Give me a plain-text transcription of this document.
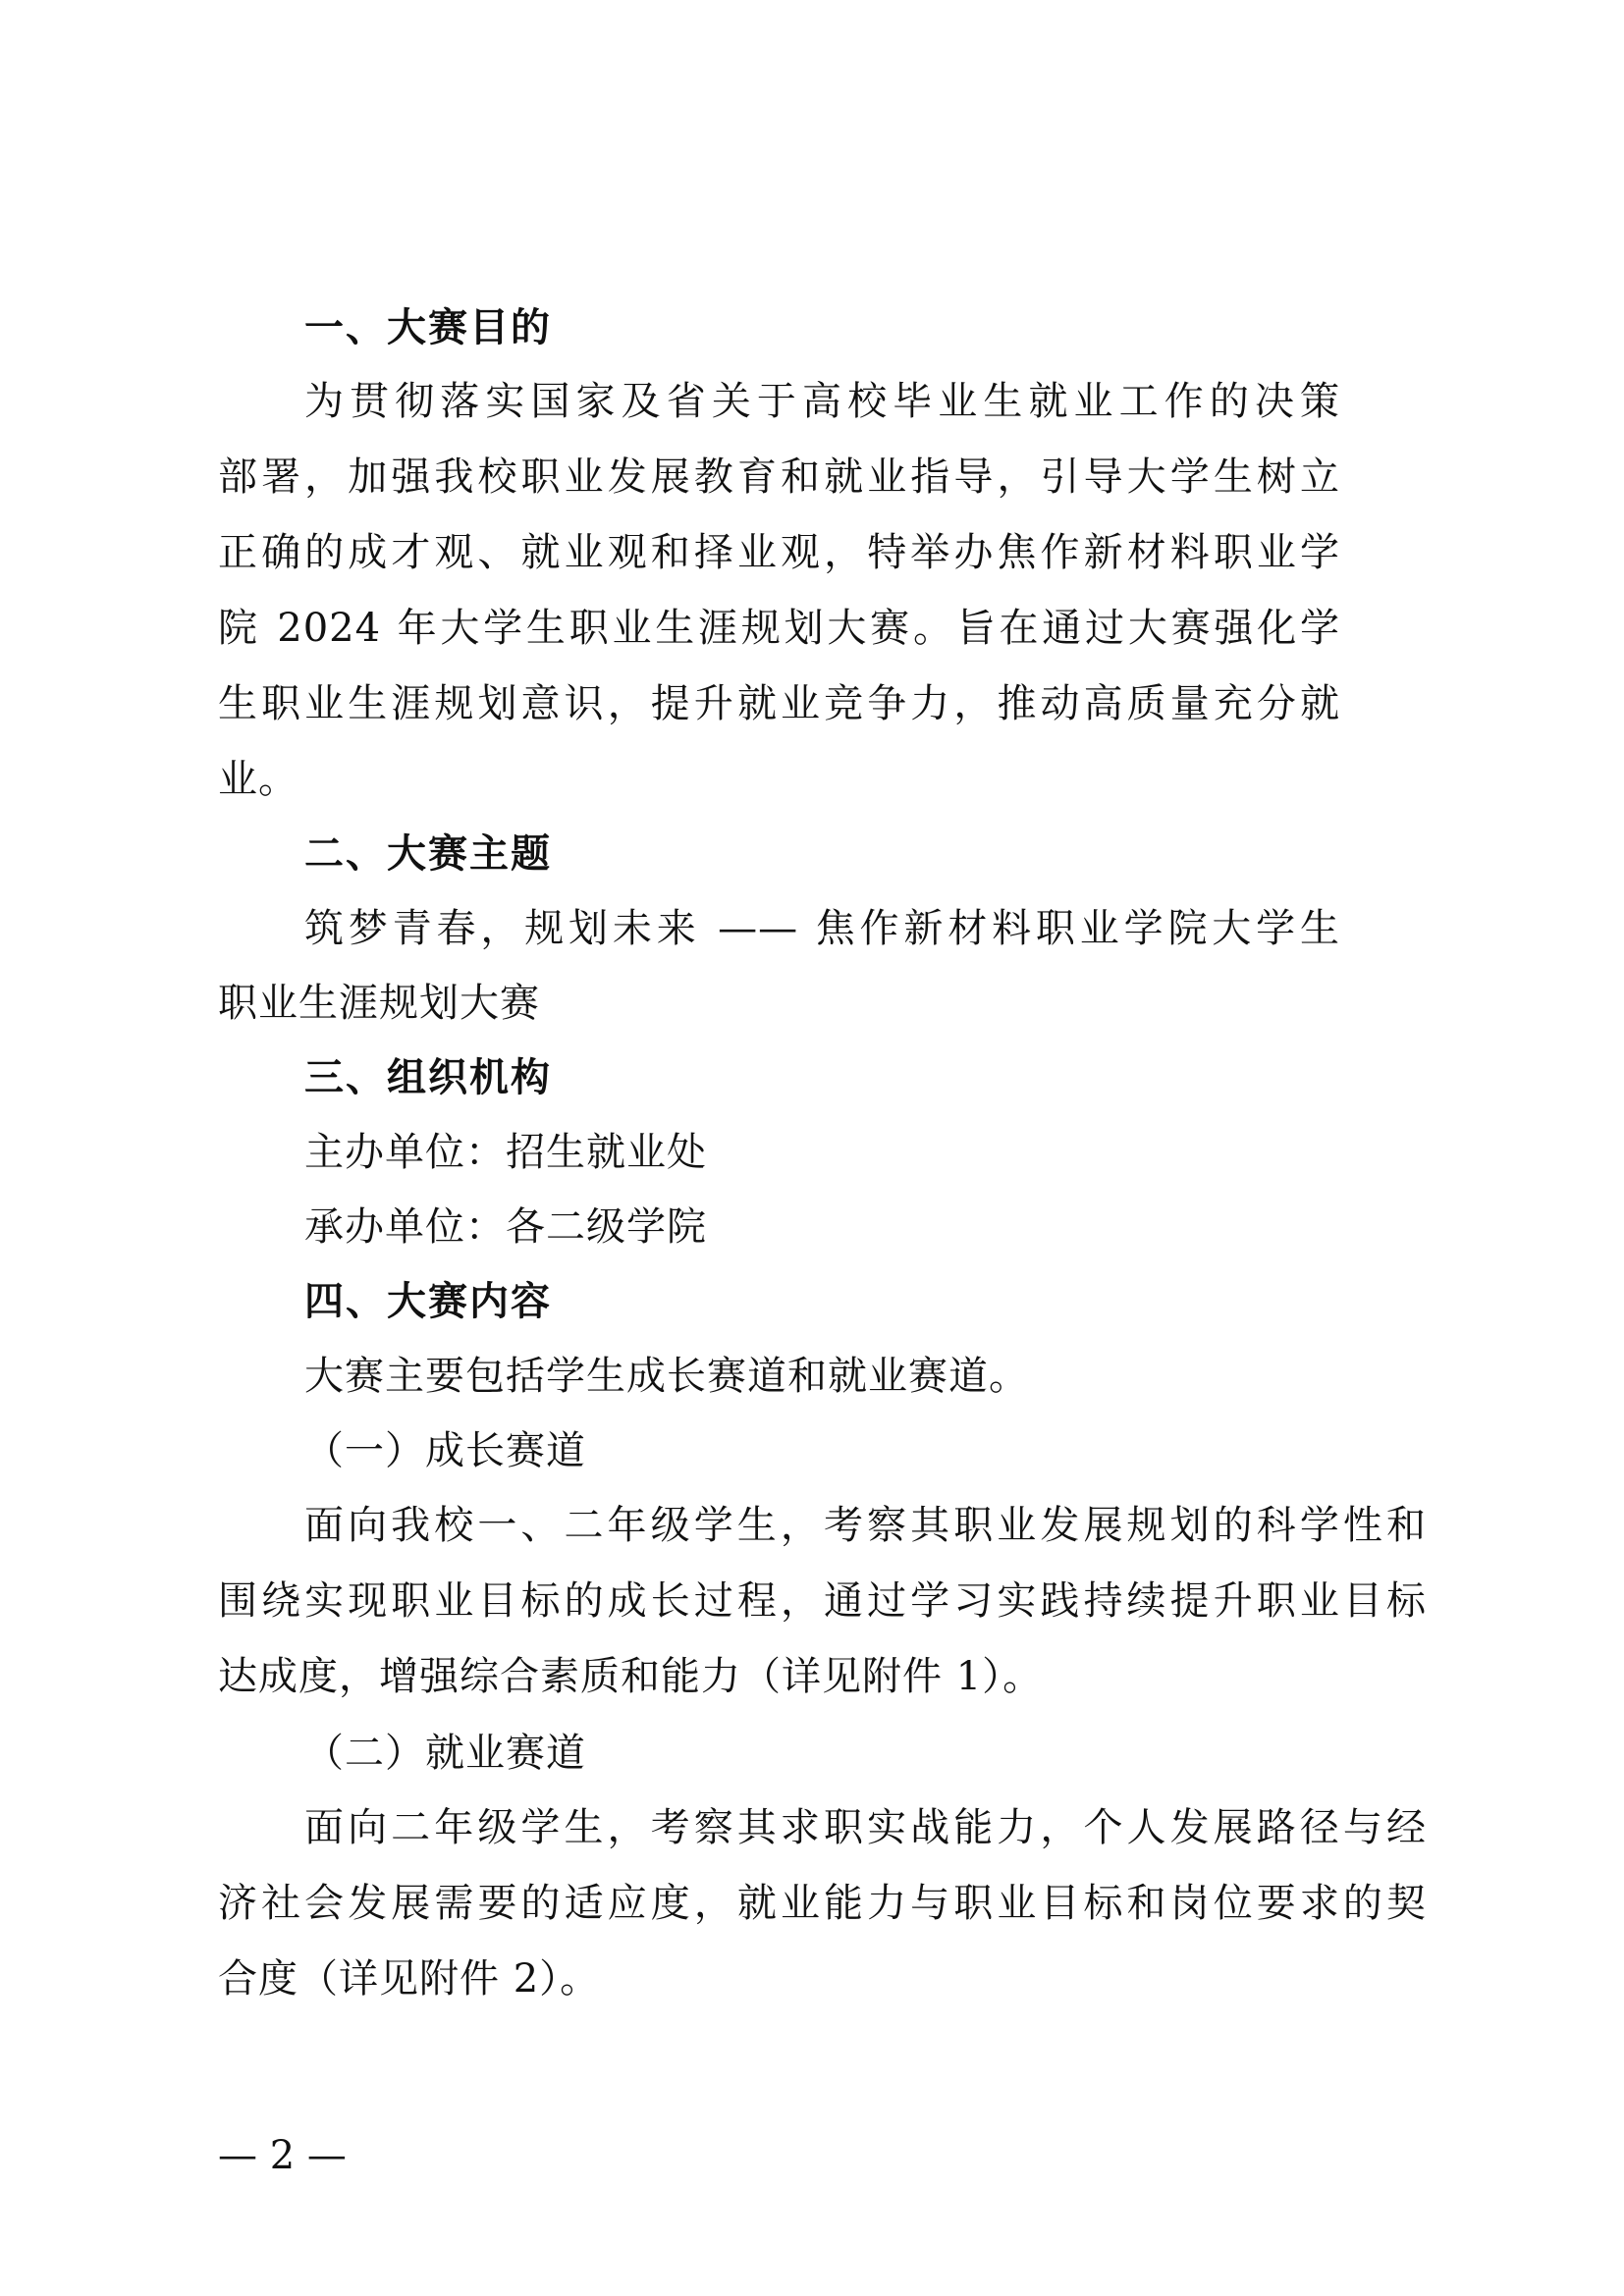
一、大赛目的
为贯彻落实国家及省关于高校毕业生就业工作的决策
部署，加强我校职业发展教育和就业指导，引导大学生树立
正确的成才观、就业观和择业观，特举办焦作新材料职业学
院 2024 年大学生职业生涯规划大赛。旨在通过大赛强化学
生职业生涯规划意识，提升就业竞争力，推动高质量充分就
业。
二、大赛主题
筑梦青春，规划未来 —— 焦作新材料职业学院大学生
职业生涯规划大赛
三、组织机构
主办单位：招生就业处
承办单位：各二级学院
四、大赛内容
大赛主要包括学生成长赛道和就业赛道。
（一）成长赛道
面向我校一、二年级学生，考察其职业发展规划的科学性和
围绕实现职业目标的成长过程，通过学习实践持续提升职业目标
达成度，增强综合素质和能力（详见附件 1）。
（二）就业赛道
面向二年级学生，考察其求职实战能力，个人发展路径与经
济社会发展需要的适应度，就业能力与职业目标和岗位要求的契
合度（详见附件 2）。
— 2 —
